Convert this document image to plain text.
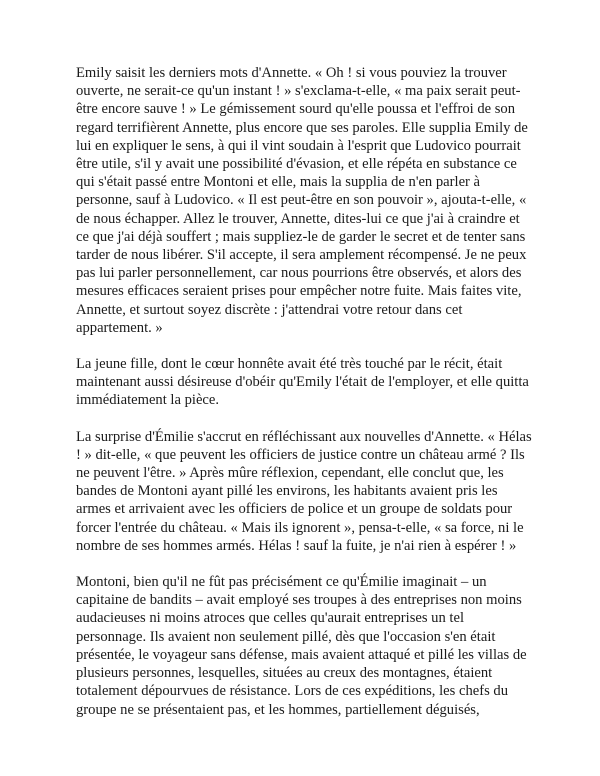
Emily saisit les derniers mots d'Annette. « Oh ! si vous pouviez la trouver ouverte, ne serait-ce qu'un instant ! » s'exclama-t-elle, « ma paix serait peut-être encore sauve ! » Le gémissement sourd qu'elle poussa et l'effroi de son regard terrifièrent Annette, plus encore que ses paroles. Elle supplia Emily de lui en expliquer le sens, à qui il vint soudain à l'esprit que Ludovico pourrait être utile, s'il y avait une possibilité d'évasion, et elle répéta en substance ce qui s'était passé entre Montoni et elle, mais la supplia de n'en parler à personne, sauf à Ludovico. « Il est peut-être en son pouvoir », ajouta-t-elle, « de nous échapper. Allez le trouver, Annette, dites-lui ce que j'ai à craindre et ce que j'ai déjà souffert ; mais suppliez-le de garder le secret et de tenter sans tarder de nous libérer. S'il accepte, il sera amplement récompensé. Je ne peux pas lui parler personnellement, car nous pourrions être observés, et alors des mesures efficaces seraient prises pour empêcher notre fuite. Mais faites vite, Annette, et surtout soyez discrète : j'attendrai votre retour dans cet appartement. »

La jeune fille, dont le cœur honnête avait été très touché par le récit, était maintenant aussi désireuse d'obéir qu'Emily l'était de l'employer, et elle quitta immédiatement la pièce.

La surprise d'Émilie s'accrut en réfléchissant aux nouvelles d'Annette. « Hélas ! » dit-elle, « que peuvent les officiers de justice contre un château armé ? Ils ne peuvent l'être. » Après mûre réflexion, cependant, elle conclut que, les bandes de Montoni ayant pillé les environs, les habitants avaient pris les armes et arrivaient avec les officiers de police et un groupe de soldats pour forcer l'entrée du château. « Mais ils ignorent », pensa-t-elle, « sa force, ni le nombre de ses hommes armés. Hélas ! sauf la fuite, je n'ai rien à espérer ! »

Montoni, bien qu'il ne fût pas précisément ce qu'Émilie imaginait – un capitaine de bandits – avait employé ses troupes à des entreprises non moins audacieuses ni moins atroces que celles qu'aurait entreprises un tel personnage. Ils avaient non seulement pillé, dès que l'occasion s'en était présentée, le voyageur sans défense, mais avaient attaqué et pillé les villas de plusieurs personnes, lesquelles, situées au creux des montagnes, étaient totalement dépourvues de résistance. Lors de ces expéditions, les chefs du groupe ne se présentaient pas, et les hommes, partiellement déguisés,
